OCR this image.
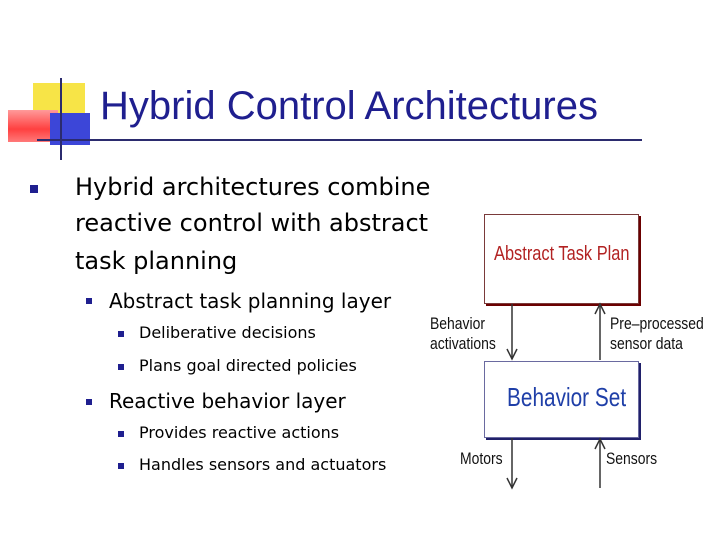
Hybrid Control Architectures
Hybrid architectures combine
reactive control with abstract
task planning
Abstract task planning layer
Deliberative decisions
Plans goal directed policies
Reactive behavior layer
Provides reactive actions
Handles sensors and actuators
Abstract Task Plan
Behavior Set
Behavior
activations
Pre–processed
sensor data
Motors	Sensors
